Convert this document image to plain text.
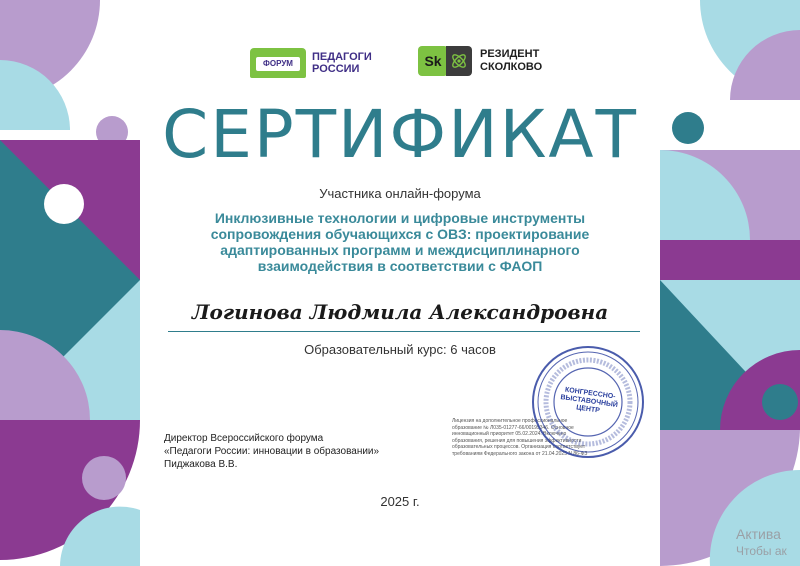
ФОРУМ
ПЕДАГОГИ
РОССИИ	Sk	РЕЗИДЕНТ
СКОЛКОВО
СЕРТИФИКАТ
Участника онлайн-форума
Инклюзивные технологии и цифровые инструменты сопровождения обучающихся с ОВЗ: проектирование адаптированных программ и междисциплинарного взаимодействия в соответствии с ФАОП
Логинова Людмила Александровна
Образовательный курс: 6 часов
Директор Всероссийского форума
«Педагоги России: инновации в образовании»
Пиджакова В.В.
Лицензия на дополнительное профессиональное
образование № Л035-01277-66/00195346. Основное
инновационный приоритет 05.02.2024. Включено
образования, решения для повышения эффективности
образовательных процессов. Организация соответствует
требованиям Федерального закона от 21.04.2025 N 86-ФЗ
КОНГРЕССНО-ВЫСТАВОЧНЫЙ ЦЕНТР
2025 г.
Актива
Чтобы ак
